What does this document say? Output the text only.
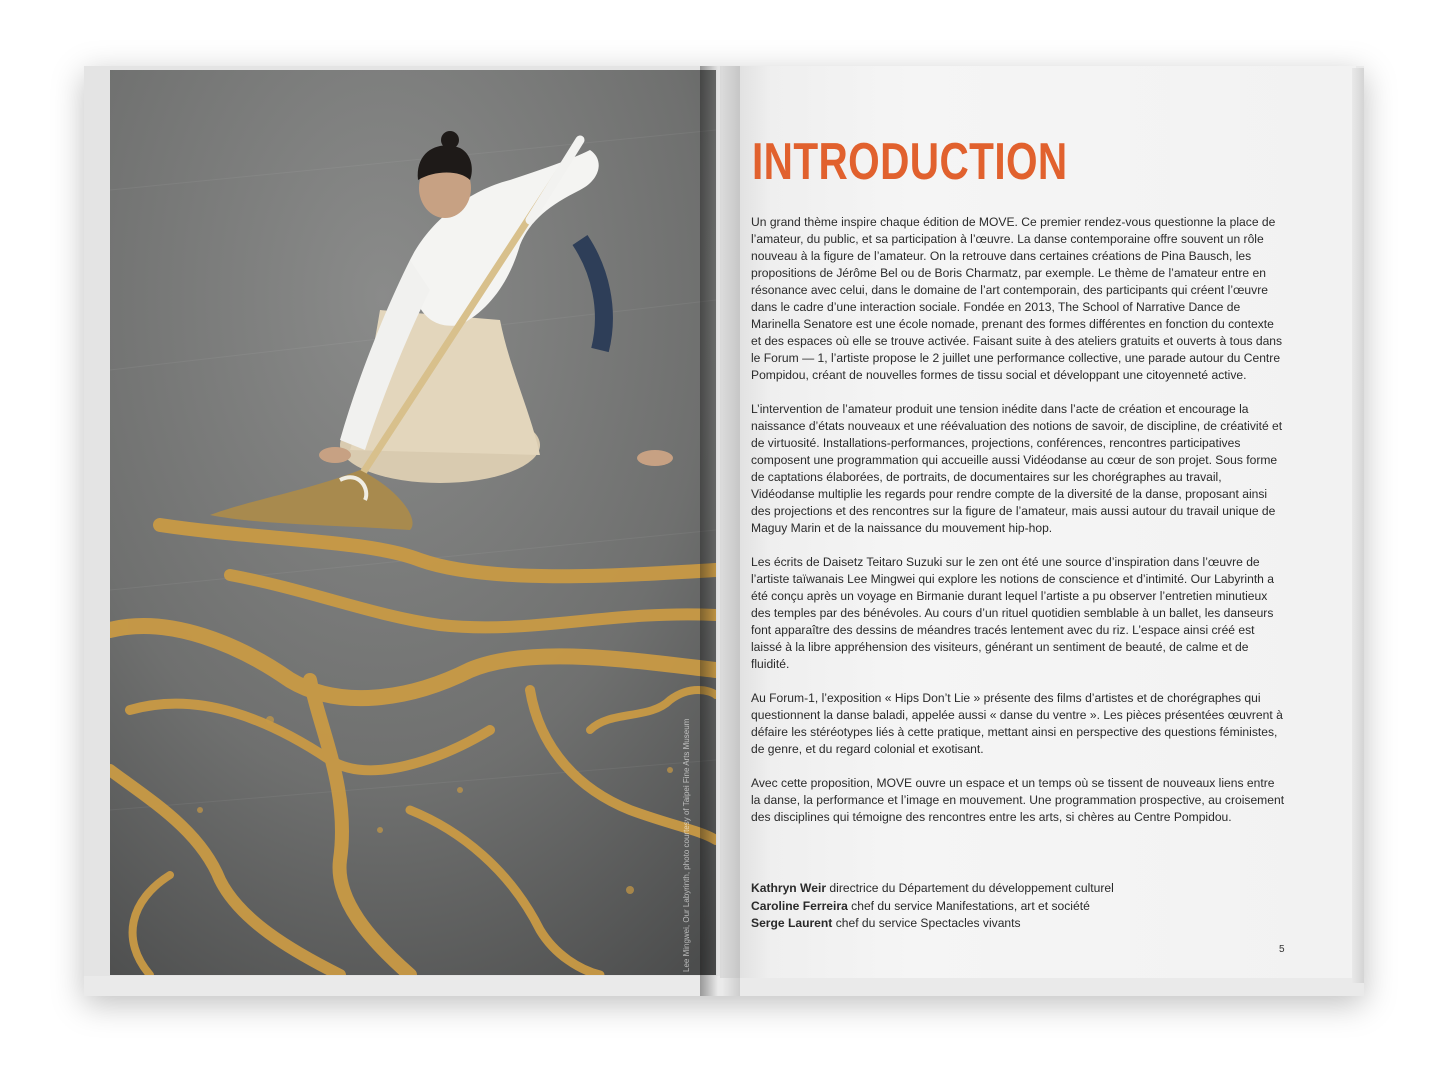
Lee Mingwei, Our Labyrinth, photo courtesy of Taipei Fine Arts Museum
INTRODUCTION

Un grand thème inspire chaque édition de MOVE. Ce premier rendez-vous questionne la place de l’amateur, du public, et sa participation à l’œuvre. La danse contemporaine offre souvent un rôle nouveau à la figure de l’amateur. On la retrouve dans certaines créations de Pina Bausch, les propositions de Jérôme Bel ou de Boris Charmatz, par exemple. Le thème de l’amateur entre en résonance avec celui, dans le domaine de l’art contemporain, des participants qui créent l’œuvre dans le cadre d’une interaction sociale. Fondée en 2013, The School of Narrative Dance de Marinella Senatore est une école nomade, prenant des formes différentes en fonction du contexte et des espaces où elle se trouve activée. Faisant suite à des ateliers gratuits et ouverts à tous dans le Forum — 1, l’artiste propose le 2 juillet une performance collective, une parade autour du Centre Pompidou, créant de nouvelles formes de tissu social et développant une citoyenneté active.

L’intervention de l’amateur produit une tension inédite dans l’acte de création et encourage la naissance d’états nouveaux et une réévaluation des notions de savoir, de discipline, de créativité et de virtuosité. Installations-performances, projections, conférences, rencontres participatives composent une programmation qui accueille aussi Vidéodanse au cœur de son projet. Sous forme de captations élaborées, de portraits, de documentaires sur les chorégraphes au travail, Vidéodanse multiplie les regards pour rendre compte de la diversité de la danse, proposant ainsi des projections et des rencontres sur la figure de l’amateur, mais aussi autour du travail unique de Maguy Marin et de la naissance du mouvement hip-hop.

Les écrits de Daisetz Teitaro Suzuki sur le zen ont été une source d’inspiration dans l’œuvre de l’artiste taïwanais Lee Mingwei qui explore les notions de conscience et d’intimité. Our Labyrinth a été conçu après un voyage en Birmanie durant lequel l’artiste a pu observer l’entretien minutieux des temples par des bénévoles. Au cours d’un rituel quotidien semblable à un ballet, les danseurs font apparaître des dessins de méandres tracés lentement avec du riz. L’espace ainsi créé est laissé à la libre appréhension des visiteurs, générant un sentiment de beauté, de calme et de fluidité.

Au Forum-1, l’exposition « Hips Don’t Lie » présente des films d’artistes et de chorégraphes qui questionnent la danse baladi, appelée aussi « danse du ventre ». Les pièces présentées œuvrent à défaire les stéréotypes liés à cette pratique, mettant ainsi en perspective des questions féministes, de genre, et du regard colonial et exotisant.

Avec cette proposition, MOVE ouvre un espace et un temps où se tissent de nouveaux liens entre la danse, la performance et l’image en mouvement. Une programmation prospective, au croisement des disciplines qui témoigne des rencontres entre les arts, si chères au Centre Pompidou.

Kathryn Weir directrice du Département du développement culturel
Caroline Ferreira chef du service Manifestations, art et société
Serge Laurent chef du service Spectacles vivants
5
